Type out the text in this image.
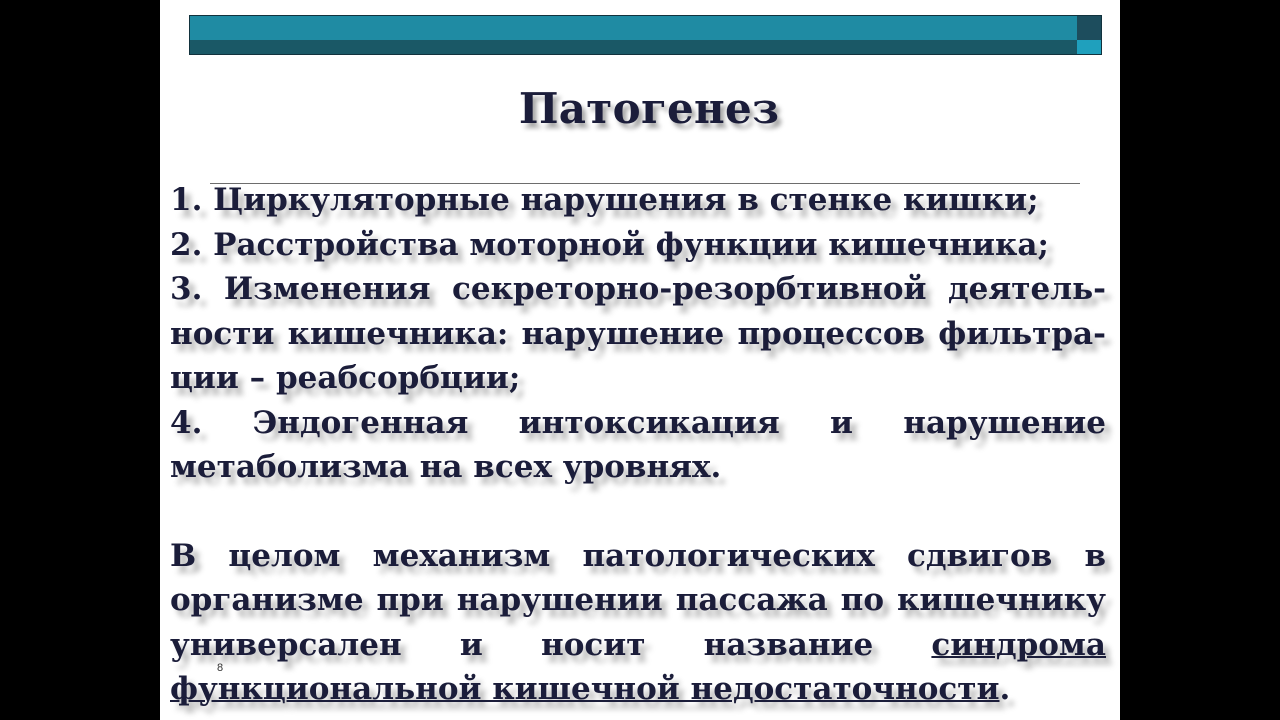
Патогенез
1. Циркуляторные нарушения в стенке кишки;
2. Расстройства моторной функции кишечника;
3. Изменения секреторно-резорбтивной деятель-
ности кишечника: нарушение процессов фильтра-
ции – реабсорбции;
4. Эндогенная интоксикация и нарушение
метаболизма на всех уровнях.
В целом механизм патологических сдвигов в
организме при нарушении пассажа по кишечнику
универсален и носит название синдрома
функциональной кишечной недостаточности.
8
